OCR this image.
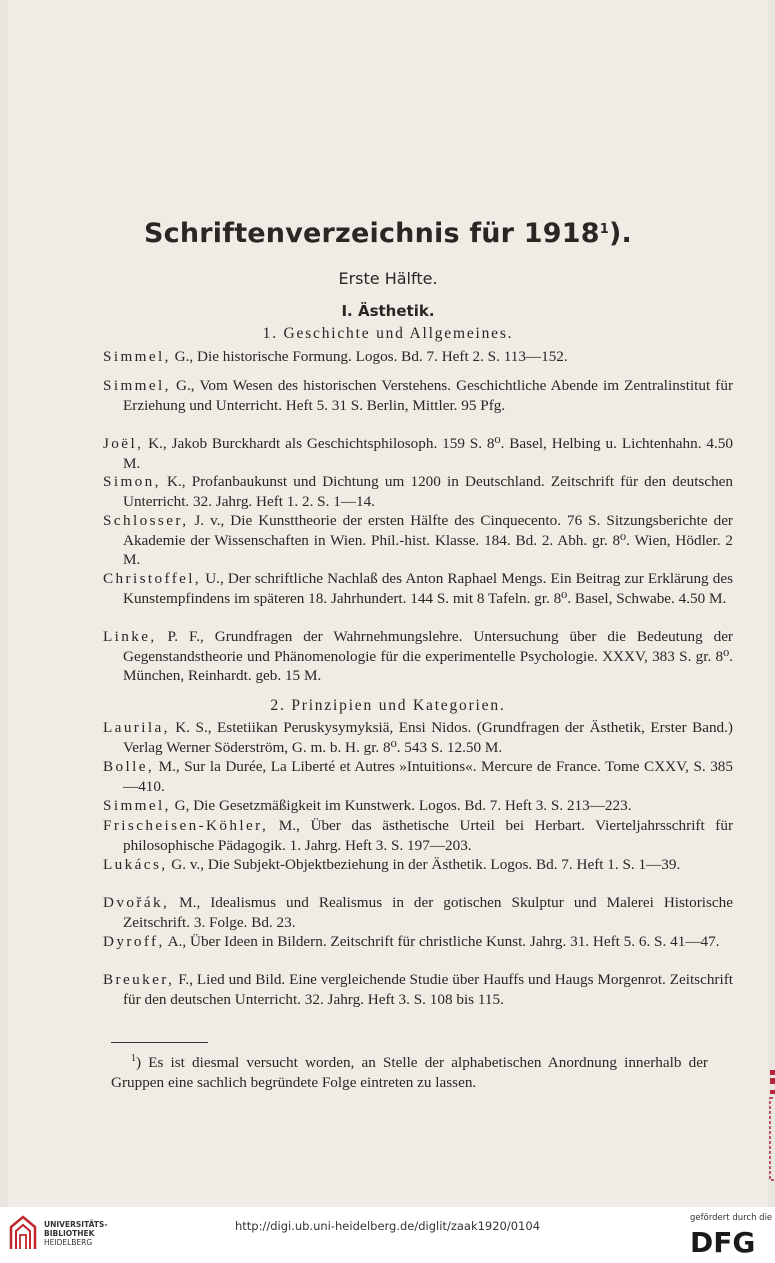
Schriftenverzeichnis für 1918$^1$).
Erste Hälfte.
I. Ästhetik.
1. Geschichte und Allgemeines.
Simmel, G., Die historische Formung. Logos. Bd. 7. Heft 2. S. 113—152.
Simmel, G., Vom Wesen des historischen Verstehens. Geschichtliche Abende im Zentralinstitut für Erziehung und Unterricht. Heft 5. 31 S. Berlin, Mittler. 95 Pfg.
Joël, K., Jakob Burckhardt als Geschichtsphilosoph. 159 S. 8⁰. Basel, Helbing u. Lichtenhahn. 4.50 M.
Simon, K., Profanbaukunst und Dichtung um 1200 in Deutschland. Zeitschrift für den deutschen Unterricht. 32. Jahrg. Heft 1. 2. S. 1—14.
Schlosser, J. v., Die Kunsttheorie der ersten Hälfte des Cinquecento. 76 S. Sitzungsberichte der Akademie der Wissenschaften in Wien. Phil.-hist. Klasse. 184. Bd. 2. Abh. gr. 8⁰. Wien, Hödler. 2 M.
Christoffel, U., Der schriftliche Nachlaß des Anton Raphael Mengs. Ein Beitrag zur Erklärung des Kunstempfindens im späteren 18. Jahrhundert. 144 S. mit 8 Tafeln. gr. 8⁰. Basel, Schwabe. 4.50 M.
Linke, P. F., Grundfragen der Wahrnehmungslehre. Untersuchung über die Bedeutung der Gegenstandstheorie und Phänomenologie für die experimentelle Psychologie. XXXV, 383 S. gr. 8⁰. München, Reinhardt. geb. 15 M.
2. Prinzipien und Kategorien.
Laurila, K. S., Estetiikan Peruskysymyksiä, Ensi Nidos. (Grundfragen der Ästhetik, Erster Band.) Verlag Werner Söderström, G. m. b. H. gr. 8⁰. 543 S. 12.50 M.
Bolle, M., Sur la Durée, La Liberté et Autres »Intuitions«. Mercure de France. Tome CXXV, S. 385—410.
Simmel, G, Die Gesetzmäßigkeit im Kunstwerk. Logos. Bd. 7. Heft 3. S. 213—223.
Frischeisen-Köhler, M., Über das ästhetische Urteil bei Herbart. Vierteljahrsschrift für philosophische Pädagogik. 1. Jahrg. Heft 3. S. 197—203.
Lukács, G. v., Die Subjekt-Objektbeziehung in der Ästhetik. Logos. Bd. 7. Heft 1. S. 1—39.
Dvořák, M., Idealismus und Realismus in der gotischen Skulptur und Malerei Historische Zeitschrift. 3. Folge. Bd. 23.
Dyroff, A., Über Ideen in Bildern. Zeitschrift für christliche Kunst. Jahrg. 31. Heft 5. 6. S. 41—47.
Breuker, F., Lied und Bild. Eine vergleichende Studie über Hauffs und Haugs Morgenrot. Zeitschrift für den deutschen Unterricht. 32. Jahrg. Heft 3. S. 108 bis 115.
$^1$) Es ist diesmal versucht worden, an Stelle der alphabetischen Anordnung innerhalb der Gruppen eine sachlich begründete Folge eintreten zu lassen.
UNIVERSITÄTS-
BIBLIOTHEK
HEIDELBERG
http://digi.ub.uni-heidelberg.de/diglit/zaak1920/0104
gefördert durch die
DFG
